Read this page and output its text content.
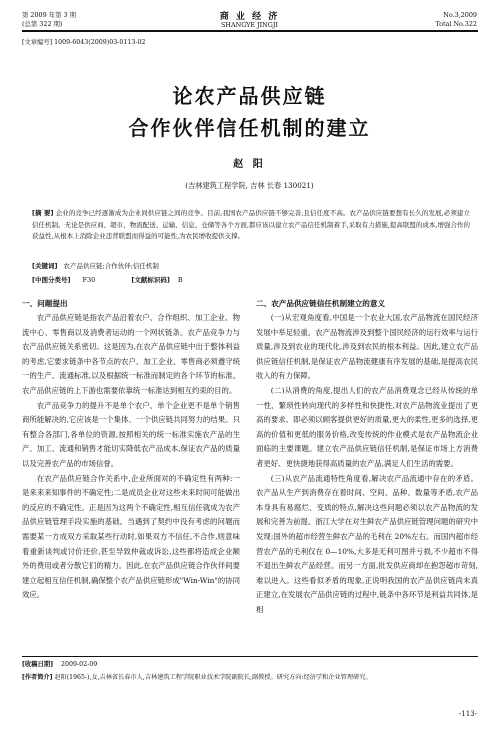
第 2009 年第 3 期
(总第 322 期)
商 业 经 济
SHANGYE JINGJI
No.3,2009
Total No.322
[文章编号] 1009-6043(2009)03-0113-02
论农产品供应链
合作伙伴信任机制的建立
赵 阳
(吉林建筑工程学院, 吉林 长春 130021)
[摘 要] 企业的竞争已经逐渐成为企业间供应链之间的竞争。目前,我国农产品供应链不够完善,且信任度不高。农产品供应链要想有长久的发展,必须建立信任机制。无论是供应商、超市、物流配送、运输、信息、仓储等各个方面,都应该以建立农产品信任机制着手,采取有力措施,提高联盟的成本,增强合作的获益性,从根本上消除企业违背联盟而得益的可能性,为农民增收提供支撑。
[关键词] 农产品供应链;合作伙伴;信任机制
[中图分类号] F30	[文献标识码] B
一、问题提出

农产品供应链是指农产品沿着农户、合作组织、加工企业、物流中心、零售商以及消费者运动的一个网状链条。农产品竞争力与农产品供应链关系密切。这是因为,在农产品供应链中出于整体利益的考虑,它要求链条中各节点的农户、加工企业、零售商必须遵守统一的生产、流通标准,以及根据统一标准而制定的各个环节的标准。农产品供应链的上下游也需要依靠统一标准达到相互约束的目的。

农产品竞争力的提升不是单个农户、单个企业更不是单个销售商所能解决的,它应该是一个集体、一个供应链共同努力的结果。只有整合各部门,各单位的资源,按照相关的统一标准实施农产品的生产、加工、流通和销售才能切实降低农产品成本,保证农产品的质量以及完善农产品的市场信誉。

在农产品供应链合作关系中,企业所面对的不确定性有两种:一是来来来知事件的不确定性;二是成员企业对这些未来时间可能做出的反应的不确定性。正是因为这两个不确定性,相互信任就成为农产品供应链管理手段实施的基础。当遇到了契约中没有考虑的问题而需要某一方成双方采取某些行动时,如果双方不信任,不合作,则意味着重新谈判或讨价还价,甚至导致仲裁或诉讼,这些都将造成企业额外的费用或者分散它们的精力。因此,在农产品供应链合作伙伴间要建立起相互信任机制,确保整个农产品供应链形成"Win-Win"的协同效应。

二、农产品供应链信任机制建立的意义

(一)从宏观角度看,中国是一个农业大国,农产品物流在国民经济发展中举足轻重。农产品物流涉及到整个国民经济的运行效率与运行质量,涉及到农业的现代化,涉及到农民的根本利益。因此,建立农产品供应链信任机制,是保证农产品物流健康有序发展的基础,是提高农民收入的有力保障。

(二)从消费的角度,提出人们的农产品消费观念已经从传统的单一性、繁琐性转向现代的多样性和快捷性,对农产品物流业提出了更高的要求。即必须以顾客提供更好的质量,更大的柔性,更多的选择,更高的价值和更低的服务价格,改变传统的作业模式是农产品物流企业面临的主要课题。建立农产品供应链信任机制,是保证市场上方消费者更好、更快捷地获得高质量的农产品,满足人们生活的需要。

(三)从农产品流通特性角度看,解决农产品流通中存在的矛盾。农产品从生产到消费存在着时间、空间、品种、数量等矛盾,农产品本身具有易腐烂、变质的特点,解决这些问题必须以农产品物流的发展和完善为前提。浙江大学在对生鲜农产品供应链管理问题的研究中发现:国外的超市经营生鲜农产品的毛利在 20%左右。而国内超市经营农产品的毛利仅在 0—10%,大多是无利可图并亏损,不少超市不得不退出生鲜农产品经营。而另一方面,批发供应商却在抱怨超市苛刻,难以进入。这些看似矛盾的现象,正说明我国的农产品供应链尚未真正建立,在发展农产品供应链的过程中,链条中各环节是利益共同体,是相

[收稿日期] 2009-02-09
[作者简介] 赵阳(1965-),女,吉林省长春市人,吉林建筑工程学院职业技术学院副院长,副教授。研究方向:经济学和企业管理研究。
-113-
